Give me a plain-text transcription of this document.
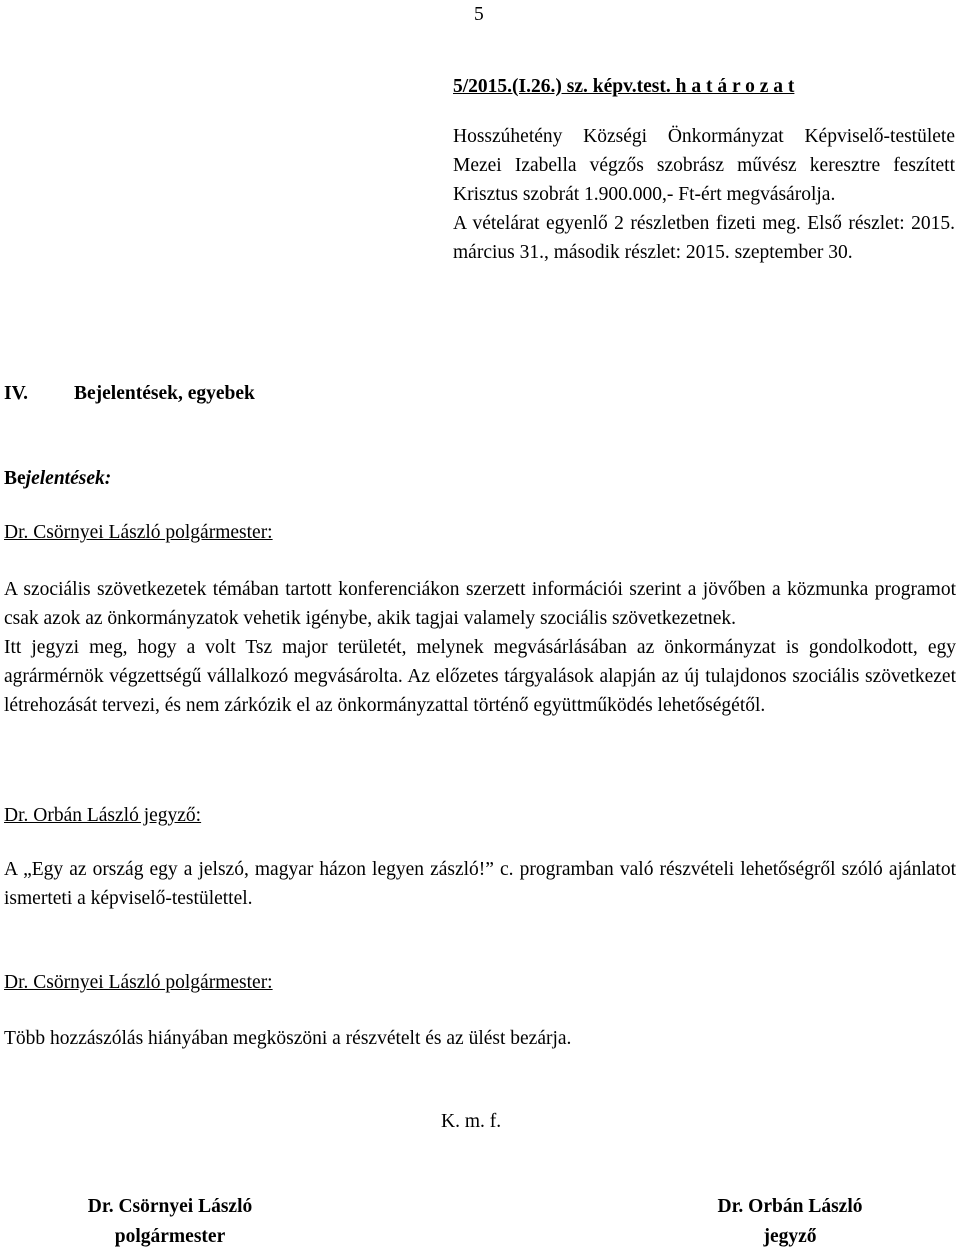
5
5/2015.(I.26.) sz. képv.test. h a t á r o z a t

Hosszúhetény Községi Önkormányzat Képviselő-testülete Mezei Izabella végzős szobrász művész keresztre feszített Krisztus szobrát 1.900.000,- Ft-ért megvásárolja.

A vételárat egyenlő 2 részletben fizeti meg. Első részlet: 2015. március 31., második részlet: 2015. szeptember 30.

IV. Bejelentések, egyebek
Bejelentések:
Dr. Csörnyei László polgármester:

A szociális szövetkezetek témában tartott konferenciákon szerzett információi szerint a jövőben a közmunka programot csak azok az önkormányzatok vehetik igénybe, akik tagjai valamely szociális szövetkezetnek.

Itt jegyzi meg, hogy a volt Tsz major területét, melynek megvásárlásában az önkormányzat is gondolkodott, egy agrármérnök végzettségű vállalkozó megvásárolta. Az előzetes tárgyalások alapján az új tulajdonos szociális szövetkezet létrehozását tervezi, és nem zárkózik el az önkormányzattal történő együttműködés lehetőségétől.

Dr. Orbán László jegyző:

A „Egy az ország egy a jelszó, magyar házon legyen zászló!” c. programban való részvételi lehetőségről szóló ajánlatot ismerteti a képviselő-testülettel.

Dr. Csörnyei László polgármester:

Több hozzászólás hiányában megköszöni a részvételt és az ülést bezárja.

K. m. f.
Dr. Csörnyei László
polgármester
Dr. Orbán László
jegyző
